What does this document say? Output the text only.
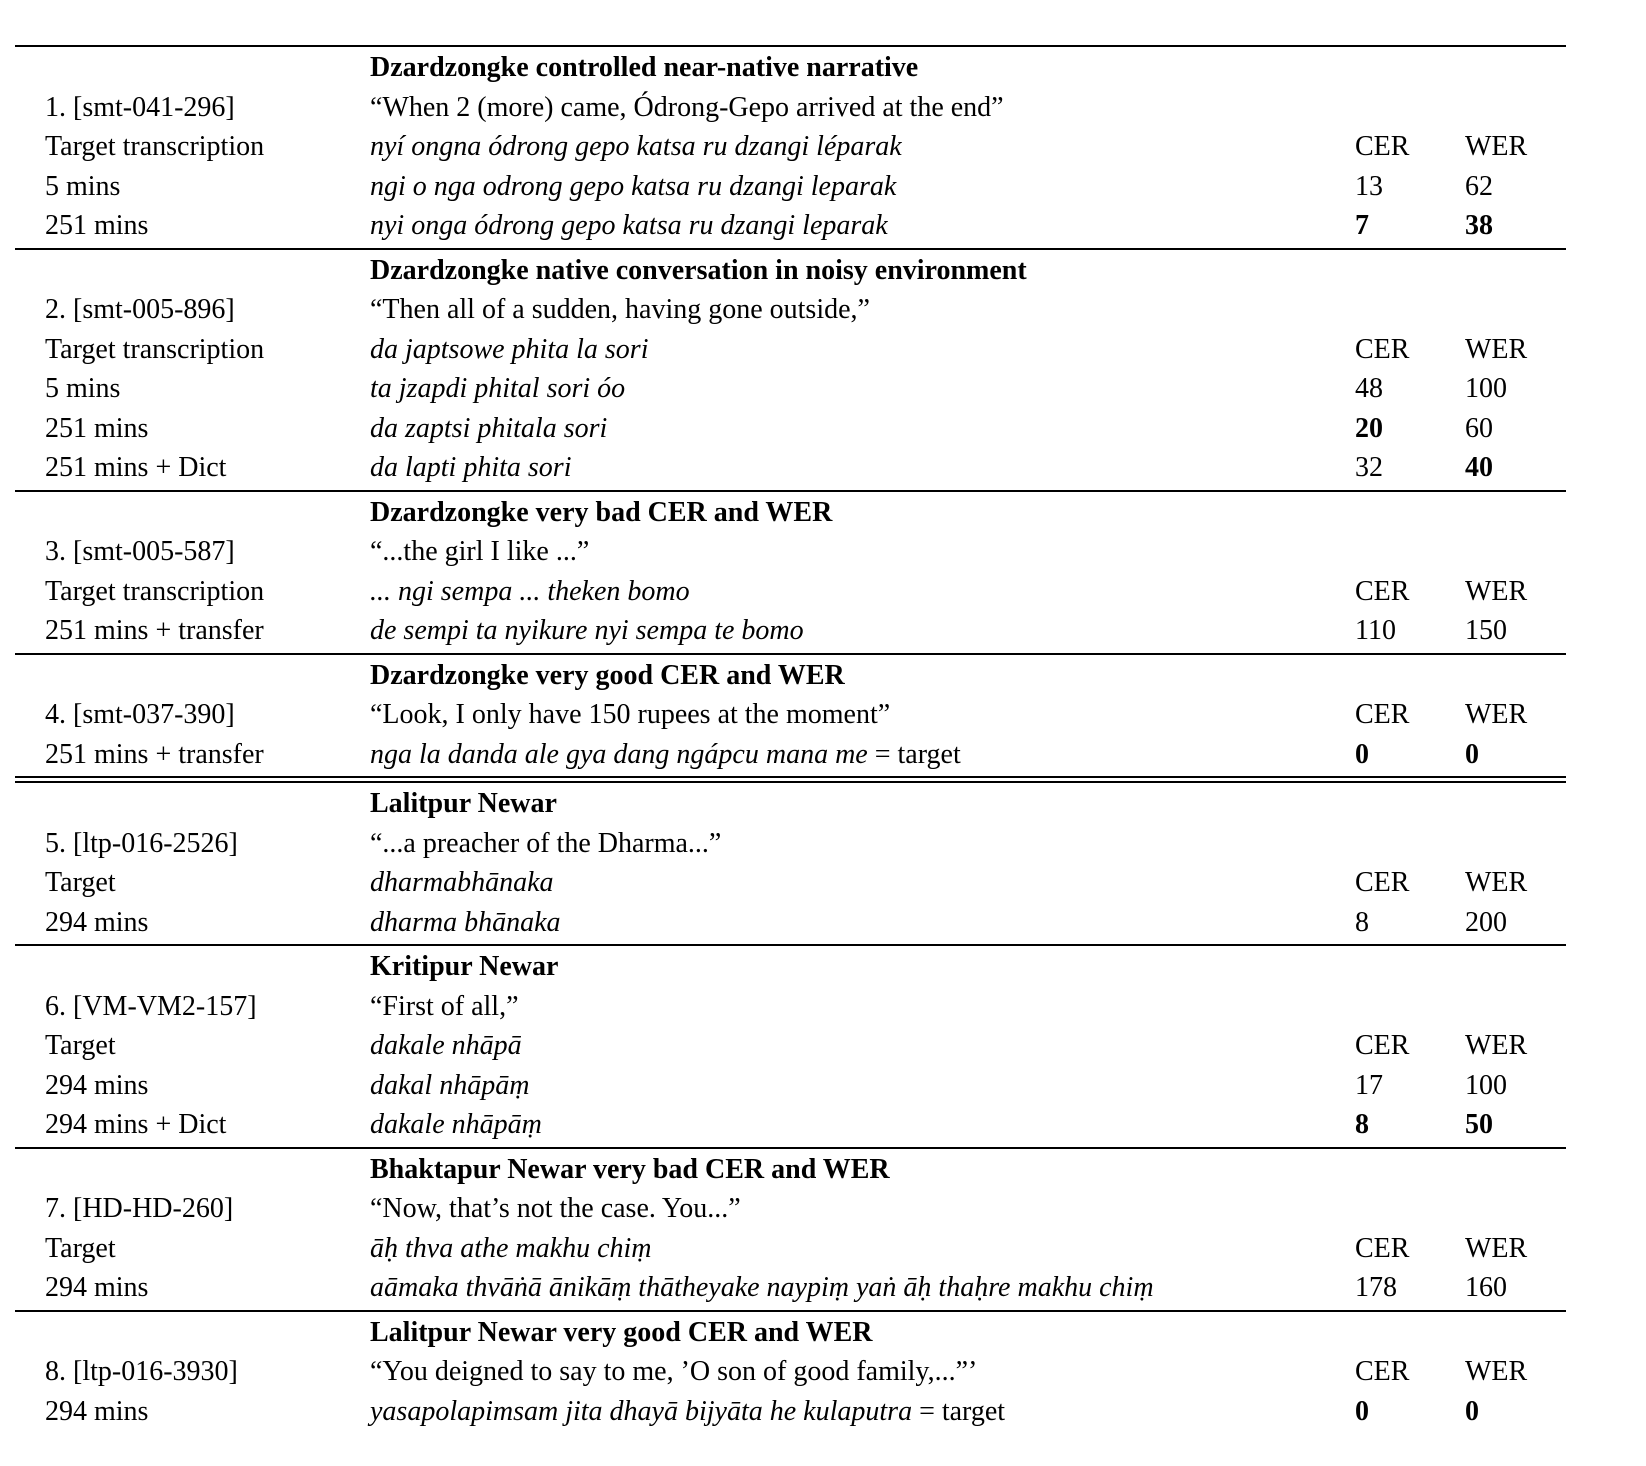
Dzardzongke controlled near-native narrative
1. [smt-041-296]	“When 2 (more) came, Ódrong-Gepo arrived at the end”
Target transcription	nyí ongna ódrong gepo katsa ru dzangi léparak	CER	WER
5 mins	ngi o nga odrong gepo katsa ru dzangi leparak	13	62
251 mins	nyi onga ódrong gepo katsa ru dzangi leparak	7	38
Dzardzongke native conversation in noisy environment
2. [smt-005-896]	“Then all of a sudden, having gone outside,”
Target transcription	da japtsowe phita la sori	CER	WER
5 mins	ta jzapdi phital sori óo	48	100
251 mins	da zaptsi phitala sori	20	60
251 mins + Dict	da lapti phita sori	32	40
Dzardzongke very bad CER and WER
3. [smt-005-587]	“...the girl I like ...”
Target transcription	... ngi sempa ... theken bomo	CER	WER
251 mins + transfer	de sempi ta nyikure nyi sempa te bomo	110	150
Dzardzongke very good CER and WER
4. [smt-037-390]	“Look, I only have 150 rupees at the moment”	CER	WER
251 mins + transfer	nga la danda ale gya dang ngápcu mana me = target	0	0
Lalitpur Newar
5. [ltp-016-2526]	“...a preacher of the Dharma...”
Target	dharmabhānaka	CER	WER
294 mins	dharma bhānaka	8	200
Kritipur Newar
6. [VM-VM2-157]	“First of all,”
Target	dakale nhāpā	CER	WER
294 mins	dakal nhāpāṃ	17	100
294 mins + Dict	dakale nhāpāṃ	8	50
Bhaktapur Newar very bad CER and WER
7. [HD-HD-260]	“Now, that’s not the case. You...”
Target	āḥ thva athe makhu chiṃ	CER	WER
294 mins	aāmaka thvāṅā ānikāṃ thātheyake naypiṃ yaṅ āḥ thaḥre makhu chiṃ	178	160
Lalitpur Newar very good CER and WER
8. [ltp-016-3930]	“You deigned to say to me, ’O son of good family,...”’	CER	WER
294 mins	yasapolapimsam jita dhayā bijyāta he kulaputra = target	0	0
